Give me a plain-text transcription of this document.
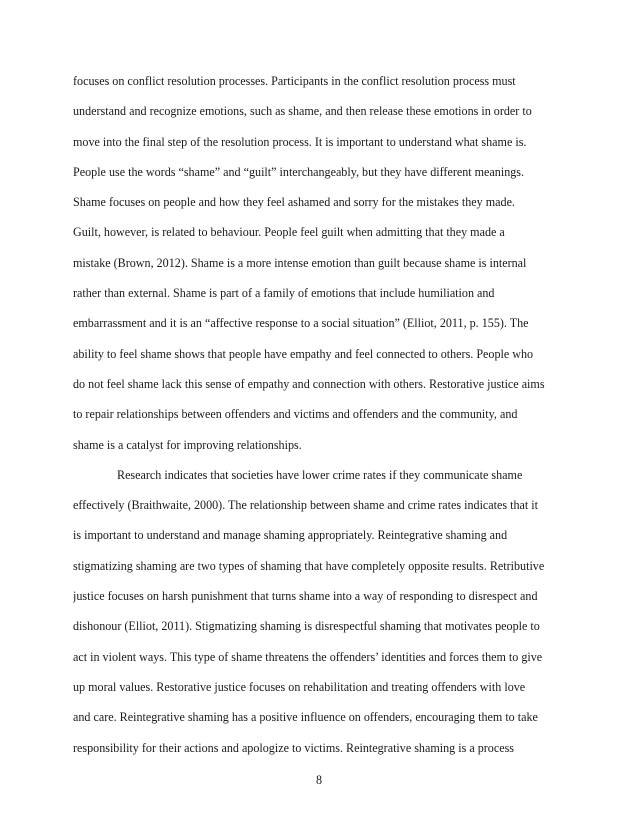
focuses on conflict resolution processes. Participants in the conflict resolution process must
understand and recognize emotions, such as shame, and then release these emotions in order to
move into the final step of the resolution process. It is important to understand what shame is.
People use the words “shame” and “guilt” interchangeably, but they have different meanings.
Shame focuses on people and how they feel ashamed and sorry for the mistakes they made.
Guilt, however, is related to behaviour. People feel guilt when admitting that they made a
mistake (Brown, 2012). Shame is a more intense emotion than guilt because shame is internal
rather than external. Shame is part of a family of emotions that include humiliation and
embarrassment and it is an “affective response to a social situation” (Elliot, 2011, p. 155). The
ability to feel shame shows that people have empathy and feel connected to others. People who
do not feel shame lack this sense of empathy and connection with others. Restorative justice aims
to repair relationships between offenders and victims and offenders and the community, and
shame is a catalyst for improving relationships.
Research indicates that societies have lower crime rates if they communicate shame
effectively (Braithwaite, 2000). The relationship between shame and crime rates indicates that it
is important to understand and manage shaming appropriately. Reintegrative shaming and
stigmatizing shaming are two types of shaming that have completely opposite results. Retributive
justice focuses on harsh punishment that turns shame into a way of responding to disrespect and
dishonour (Elliot, 2011). Stigmatizing shaming is disrespectful shaming that motivates people to
act in violent ways. This type of shame threatens the offenders’ identities and forces them to give
up moral values. Restorative justice focuses on rehabilitation and treating offenders with love
and care. Reintegrative shaming has a positive influence on offenders, encouraging them to take
responsibility for their actions and apologize to victims. Reintegrative shaming is a process
8
